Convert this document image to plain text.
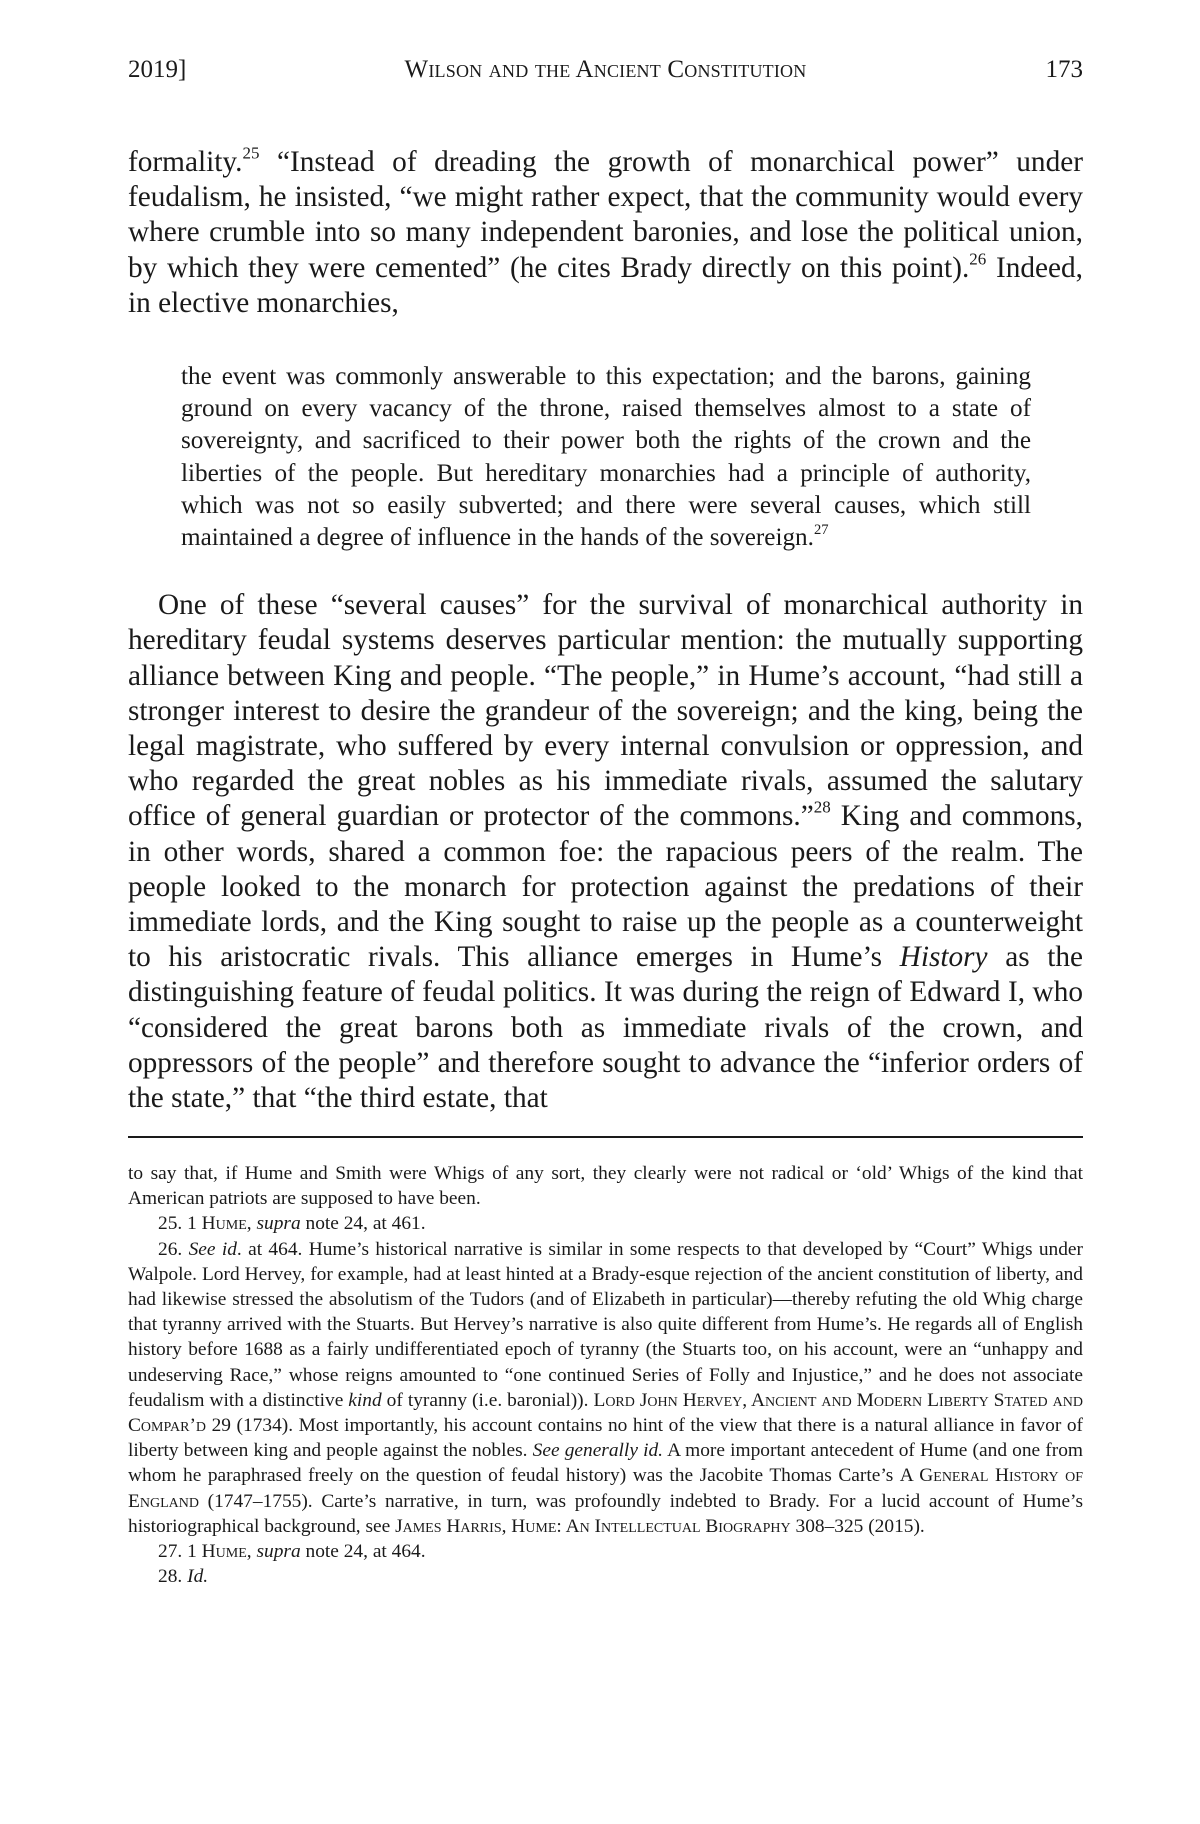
2019]	Wilson and the Ancient Constitution	173

formality.$^{25}$ “Instead of dreading the growth of monarchical power” under feudalism, he insisted, “we might rather expect, that the community would every where crumble into so many independent baronies, and lose the political union, by which they were cemented” (he cites Brady directly on this point).$^{26}$ Indeed, in elective monarchies,

the event was commonly answerable to this expectation; and the barons, gaining ground on every vacancy of the throne, raised themselves almost to a state of sovereignty, and sacrificed to their power both the rights of the crown and the liberties of the people. But hereditary monarchies had a principle of authority, which was not so easily subverted; and there were several causes, which still maintained a degree of influence in the hands of the sovereign.$^{27}$

One of these “several causes” for the survival of monarchical authority in hereditary feudal systems deserves particular mention: the mutually supporting alliance between King and people. “The people,” in Hume’s account, “had still a stronger interest to desire the grandeur of the sovereign; and the king, being the legal magistrate, who suffered by every internal convulsion or oppression, and who regarded the great nobles as his immediate rivals, assumed the salutary office of general guardian or protector of the commons.”$^{28}$ King and commons, in other words, shared a common foe: the rapacious peers of the realm. The people looked to the monarch for protection against the predations of their immediate lords, and the King sought to raise up the people as a counterweight to his aristocratic rivals. This alliance emerges in Hume’s History as the distinguishing feature of feudal politics. It was during the reign of Edward I, who “considered the great barons both as immediate rivals of the crown, and oppressors of the people” and therefore sought to advance the “inferior orders of the state,” that “the third estate, that

to say that, if Hume and Smith were Whigs of any sort, they clearly were not radical or ‘old’ Whigs of the kind that American patriots are supposed to have been.

25. 1 Hume, supra note 24, at 461.

26. See id. at 464. Hume’s historical narrative is similar in some respects to that developed by “Court” Whigs under Walpole. Lord Hervey, for example, had at least hinted at a Brady-esque rejection of the ancient constitution of liberty, and had likewise stressed the absolutism of the Tudors (and of Elizabeth in particular)—thereby refuting the old Whig charge that tyranny arrived with the Stuarts. But Hervey’s narrative is also quite different from Hume’s. He regards all of English history before 1688 as a fairly undifferentiated epoch of tyranny (the Stuarts too, on his account, were an “unhappy and undeserving Race,” whose reigns amounted to “one continued Series of Folly and Injustice,” and he does not associate feudalism with a distinctive kind of tyranny (i.e. baronial)). Lord John Hervey, Ancient and Modern Liberty Stated and Compar’d 29 (1734). Most importantly, his account contains no hint of the view that there is a natural alliance in favor of liberty between king and people against the nobles. See generally id. A more important antecedent of Hume (and one from whom he paraphrased freely on the question of feudal history) was the Jacobite Thomas Carte’s A General History of England (1747–1755). Carte’s narrative, in turn, was profoundly indebted to Brady. For a lucid account of Hume’s historiographical background, see James Harris, Hume: An Intellectual Biography 308–325 (2015).

27. 1 Hume, supra note 24, at 464.

28. Id.
